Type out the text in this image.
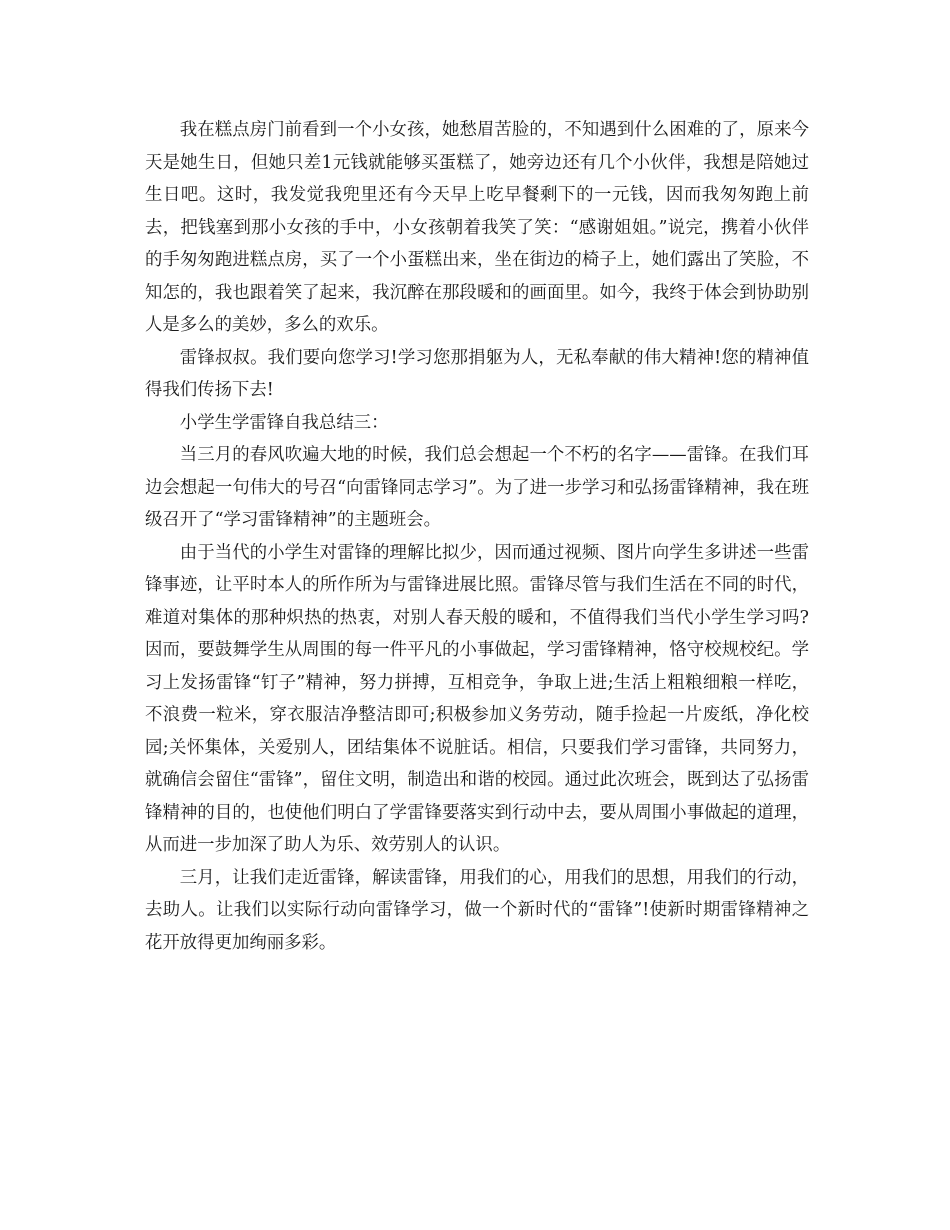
我在糕点房门前看到一个小女孩，她愁眉苦脸的，不知遇到什么困难的了，原来今天是她生日，但她只差1元钱就能够买蛋糕了，她旁边还有几个小伙伴，我想是陪她过生日吧。这时，我发觉我兜里还有今天早上吃早餐剩下的一元钱，因而我匆匆跑上前去，把钱塞到那小女孩的手中，小女孩朝着我笑了笑：“感谢姐姐。”说完，携着小伙伴的手匆匆跑进糕点房，买了一个小蛋糕出来，坐在街边的椅子上，她们露出了笑脸，不知怎的，我也跟着笑了起来，我沉醉在那段暖和的画面里。如今，我终于体会到协助别人是多么的美妙，多么的欢乐。

雷锋叔叔。我们要向您学习!学习您那捐躯为人，无私奉献的伟大精神!您的精神值得我们传扬下去!

小学生学雷锋自我总结三：

当三月的春风吹遍大地的时候，我们总会想起一个不朽的名字——雷锋。在我们耳边会想起一句伟大的号召“向雷锋同志学习”。为了进一步学习和弘扬雷锋精神，我在班级召开了“学习雷锋精神”的主题班会。

由于当代的小学生对雷锋的理解比拟少，因而通过视频、图片向学生多讲述一些雷锋事迹，让平时本人的所作所为与雷锋进展比照。雷锋尽管与我们生活在不同的时代，难道对集体的那种炽热的热衷，对别人春天般的暖和，不值得我们当代小学生学习吗?因而，要鼓舞学生从周围的每一件平凡的小事做起，学习雷锋精神，恪守校规校纪。学习上发扬雷锋“钉子”精神，努力拼搏，互相竞争，争取上进;生活上粗粮细粮一样吃，不浪费一粒米，穿衣服洁净整洁即可;积极参加义务劳动，随手捡起一片废纸，净化校园;关怀集体，关爱别人，团结集体不说脏话。相信，只要我们学习雷锋，共同努力，就确信会留住“雷锋”，留住文明，制造出和谐的校园。通过此次班会，既到达了弘扬雷锋精神的目的，也使他们明白了学雷锋要落实到行动中去，要从周围小事做起的道理，从而进一步加深了助人为乐、效劳别人的认识。

三月，让我们走近雷锋，解读雷锋，用我们的心，用我们的思想，用我们的行动，去助人。让我们以实际行动向雷锋学习，做一个新时代的“雷锋”!使新时期雷锋精神之花开放得更加绚丽多彩。
